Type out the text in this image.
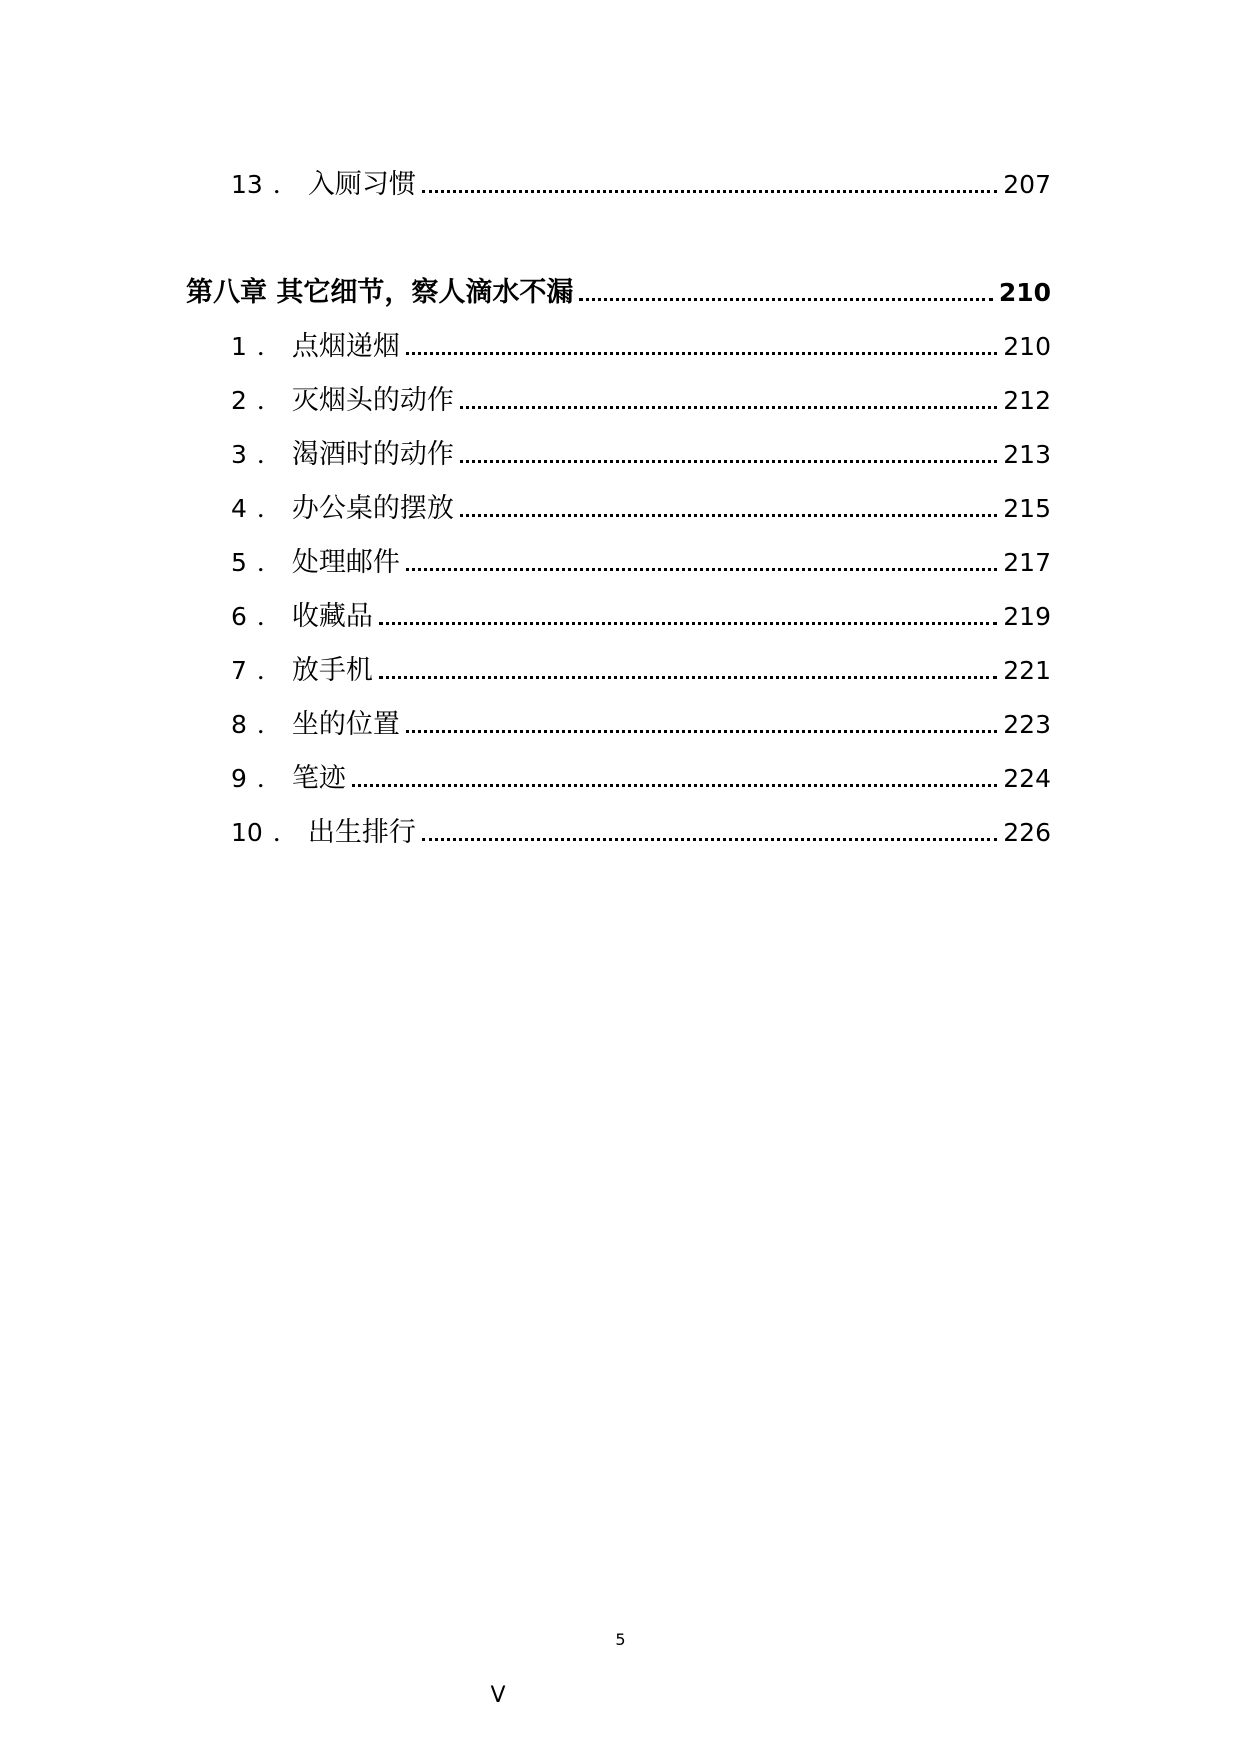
13 ． 入厕习惯	207
第八章 其它细节，察人滴水不漏	210
1 ． 点烟递烟	210
2 ． 灭烟头的动作	212
3 ． 渴酒时的动作	213
4 ． 办公桌的摆放	215
5 ． 处理邮件	217
6 ． 收藏品	219
7 ． 放手机	221
8 ． 坐的位置	223
9 ． 笔迹	224
10 ． 出生排行	226
5
V
